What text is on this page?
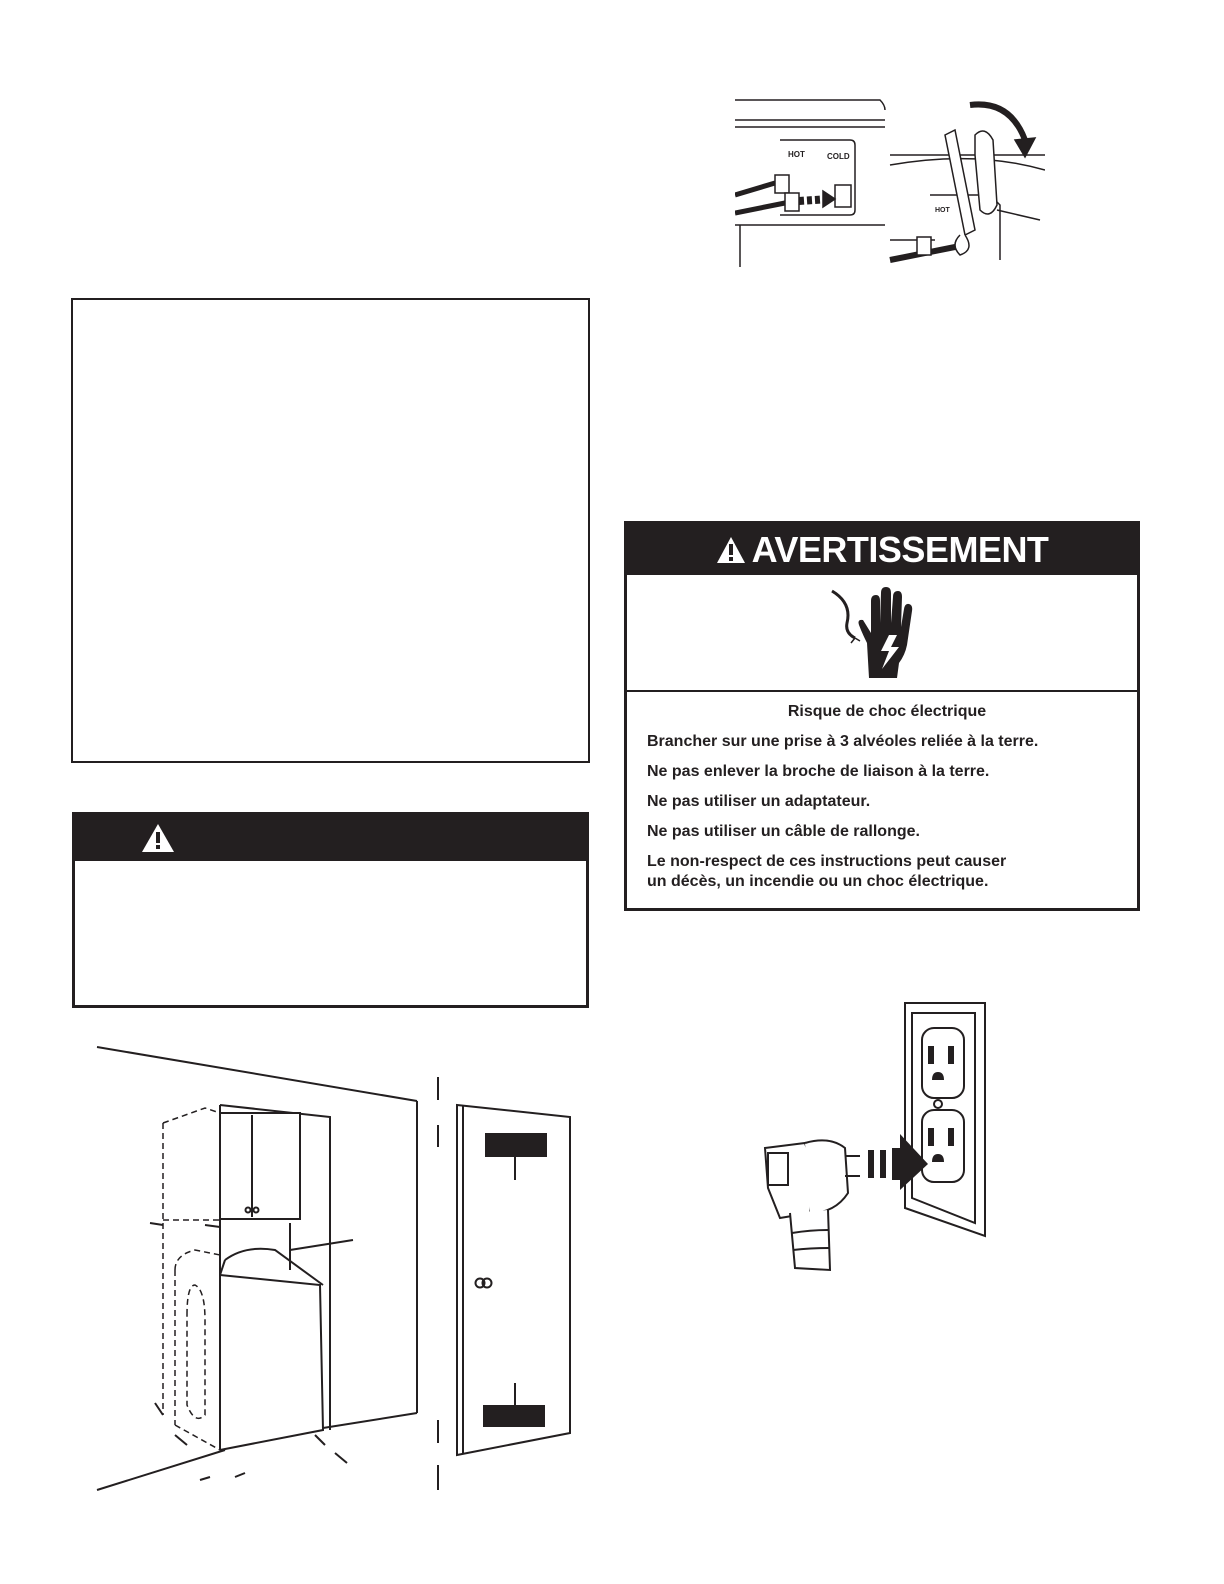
HOT	COLD
HOT
AVERTISSEMENT
Risque de choc électrique

Brancher sur une prise à 3 alvéoles reliée à la terre.

Ne pas enlever la broche de liaison à la terre.

Ne pas utiliser un adaptateur.

Ne pas utiliser un câble de rallonge.

Le non-respect de ces instructions peut causer
un décès, un incendie ou un choc électrique.
